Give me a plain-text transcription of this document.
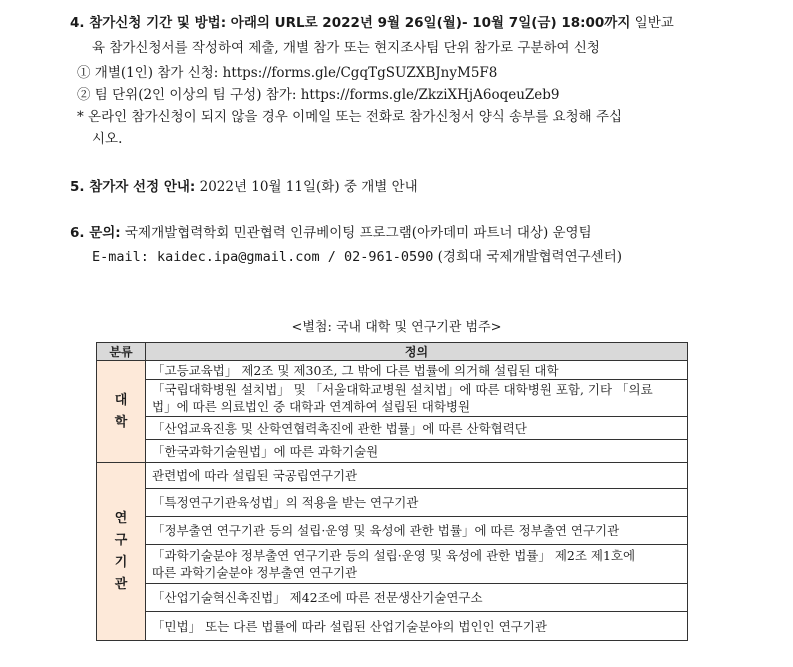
4. 참가신청 기간 및 방법: 아래의 URL로 2022년 9월 26일(월)- 10월 7일(금) 18:00까지 일반교
육 참가신청서를 작성하여 제출, 개별 참가 또는 현지조사팀 단위 참가로 구분하여 신청
① 개별(1인) 참가 신청: https://forms.gle/CgqTgSUZXBJnyM5F8
② 팀 단위(2인 이상의 팀 구성) 참가: https://forms.gle/ZkziXHjA6oqeuZeb9
* 온라인 참가신청이 되지 않을 경우 이메일 또는 전화로 참가신청서 양식 송부를 요청해 주십
시오.
5. 참가자 선정 안내: 2022년 10월 11일(화) 중 개별 안내
6. 문의: 국제개발협력학회 민관협력 인큐베이팅 프로그램(아카데미 파트너 대상) 운영팀
E-mail: kaidec.ipa@gmail.com / 02-961-0590 (경희대 국제개발협력연구센터)
<별첨: 국내 대학 및 연구기관 범주>
분류	정의

대
학	「고등교육법」 제2조 및 제30조, 그 밖에 다른 법률에 의거해 설립된 대학
	「국립대학병원 설치법」 및 「서울대학교병원 설치법」에 따른 대학병원 포함, 기타 「의료
법」에 따른 의료법인 중 대학과 연계하여 설립된 대학병원
	「산업교육진흥 및 산학연협력촉진에 관한 법률」에 따른 산학협력단
	「한국과학기술원법」에 따른 과학기술원

연
구
기
관	관련법에 따라 설립된 국공립연구기관
	「특정연구기관육성법」의 적용을 받는 연구기관
	「정부출연 연구기관 등의 설립·운영 및 육성에 관한 법률」에 따른 정부출연 연구기관
	「과학기술분야 정부출연 연구기관 등의 설립·운영 및 육성에 관한 법률」 제2조 제1호에
따른 과학기술분야 정부출연 연구기관
	「산업기술혁신촉진법」 제42조에 따른 전문생산기술연구소
	「민법」 또는 다른 법률에 따라 설립된 산업기술분야의 법인인 연구기관
